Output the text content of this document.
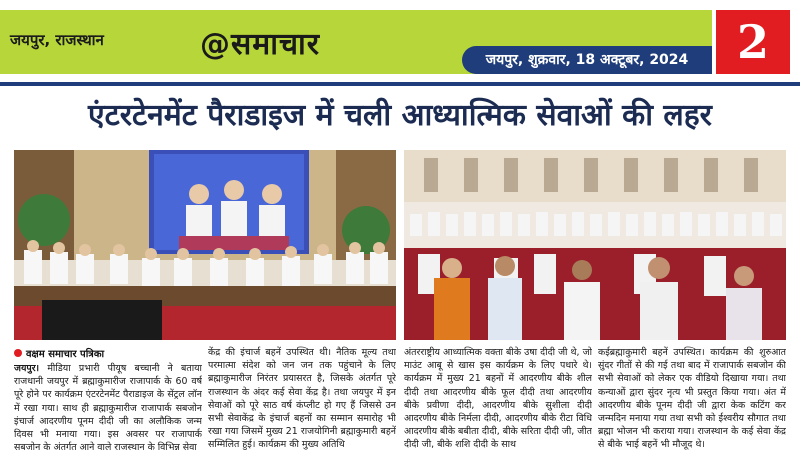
जयपुर, राजस्थान	@समाचार	जयपुर, शुक्रवार, 18 अक्टूबर, 2024	2
एंटरटेनमेंट पैराडाइज में चली आध्यात्मिक सेवाओं की लहर
वक्षम समाचार पत्रिका
जयपुर। मीडिया प्रभारी पीयूष बच्चानी ने बताया राजधानी जयपुर में ब्रह्माकुमारीज राजापार्क के 60 वर्ष पूरे होने पर कार्यक्रम एंटरटेनमेंट पैराडाइज के सेंट्रल लॉन में रखा गया। साथ ही ब्रह्माकुमारीज राजापार्क सबजोन इंचार्ज आदरणीय पूनम दीदी जी का अलौकिक जन्म दिवस भी मनाया गया। इस अवसर पर राजापार्क सबजोन के अंतर्गत आने वाले राजस्थान के विभिन्न सेवा
केंद्र की इंचार्ज बहनें उपस्थित थी। नैतिक मूल्य तथा परमात्मा संदेश को जन जन तक पहुंचाने के लिए ब्रह्माकुमारीज निरंतर प्रयासरत है, जिसके अंतर्गत पूरे राजस्थान के अंदर कई सेवा केंद्र है। तथा जयपुर में इन सेवाओं को पूरे साठ वर्ष कंप्लीट हो गए हैं जिससे उन सभी सेवाकेंद्र के इंचार्ज बहनों का सम्मान समारोह भी रखा गया जिसमें मुख्य 21 राजयोगिनी ब्रह्माकुमारी बहनें सम्मिलित हुई। कार्यक्रम की मुख्य अतिथि
अंतरराष्ट्रीय आध्यात्मिक वक्ता बीके उषा दीदी जी थे, जो माउंट आबू से खास इस कार्यक्रम के लिए पधारे थे। कार्यक्रम में मुख्य 21 बहनों में आदरणीय बीके शील दीदी तथा आदरणीय बीके फूल दीदी तथा आदरणीय बीके प्रवीणा दीदी, आदरणीय बीके सुशीला दीदी आदरणीय बीके निर्मला दीदी, आदरणीय बीके रीटा विधि आदरणीय बीके बबीता दीदी, बीके सरिता दीदी जी, जीत दीदी जी, बीके शशि दीदी के साथ
कईब्रह्माकुमारी बहनें उपस्थित। कार्यक्रम की शुरुआत सुंदर गीतों से की गई तथा बाद में राजापार्क सबजोन की सभी सेवाओं को लेकर एक वीडियो दिखाया गया। तथा कन्याओं द्वारा सुंदर नृत्य भी प्रस्तुत किया गया। अंत में आदरणीय बीके पूनम दीदी जी द्वारा केक कटिंग कर जन्मदिन मनाया गया तथा सभी को ईश्वरीय सौगात तथा ब्रह्मा भोजन भी कराया गया। राजस्थान के कई सेवा केंद्र से बीके भाई बहनें भी मौजूद थे।
